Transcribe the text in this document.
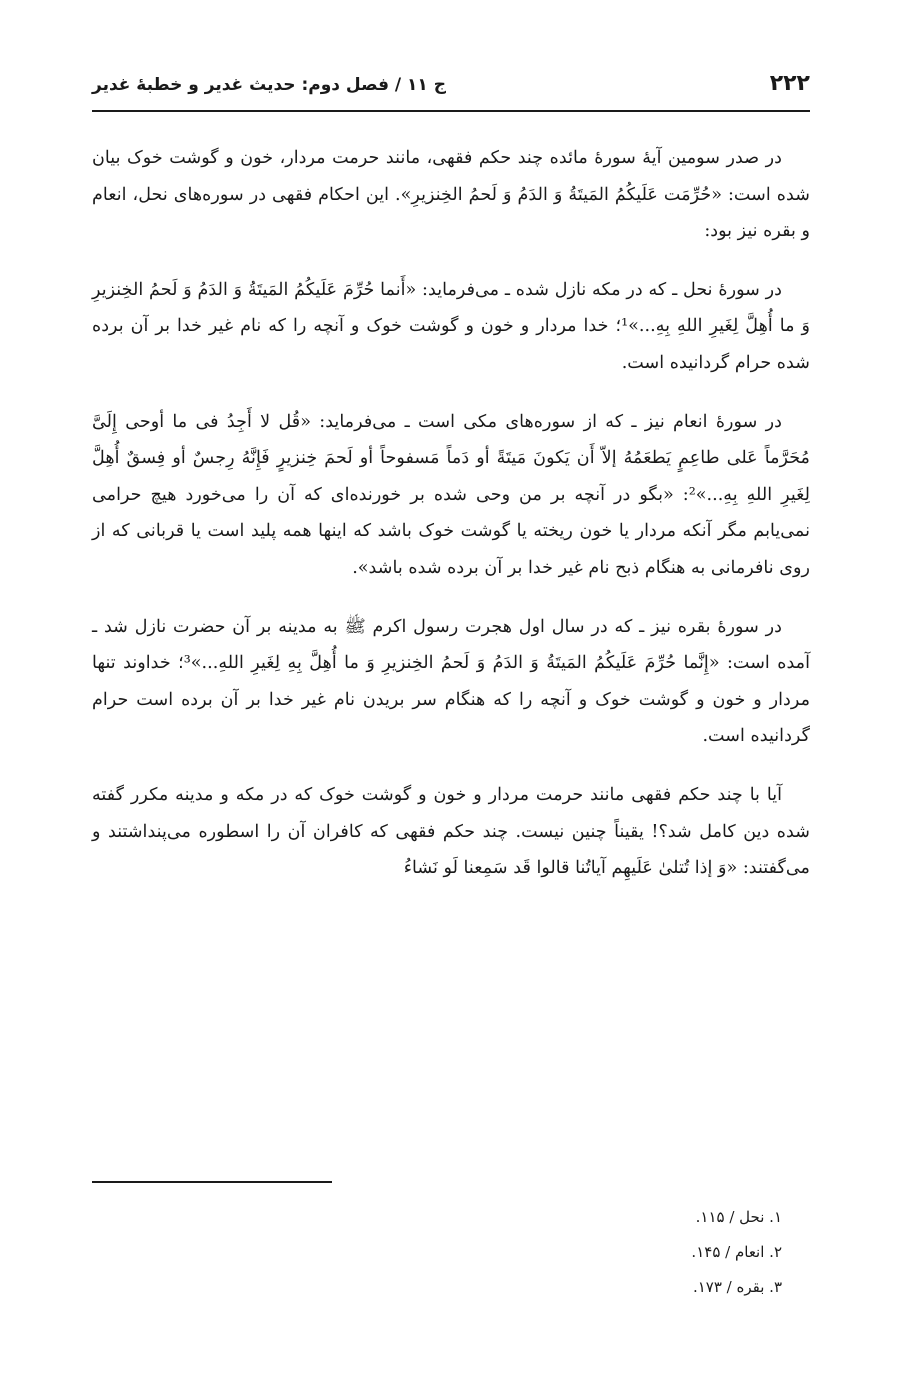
۲۲۲
ج ۱۱ / فصل دوم: حدیث غدیر و خطبهٔ غدیر

در صدر سومین آیهٔ سورهٔ مائده چند حکم فقهی، مانند حرمت مردار، خون و گوشت خوک بیان شده است: «حُرِّمَت عَلَیکُمُ المَیتَةُ وَ الدَمُ وَ لَحمُ الخِنزیرِ». این احکام فقهی در سوره‌های نحل، انعام و بقره نیز بود:

در سورهٔ نحل ـ که در مکه نازل شده ـ می‌فرماید: «أَنما حُرِّمَ عَلَیکُمُ المَیتَةُ وَ الدَمُ وَ لَحمُ الخِنزیرِ وَ ما أُهِلَّ لِغَیرِ اللهِ بِهِ...»¹؛ خدا مردار و خون و گوشت خوک و آنچه را که نام غیر خدا بر آن برده شده حرام گردانیده است.

در سورهٔ انعام نیز ـ که از سوره‌های مکی است ـ می‌فرماید: «قُل لا أَجِدُ فی ما أوحی إِلَیَّ مُحَرَّماً عَلی طاعِمٍ یَطعَمُهُ إلاّ أَن یَکونَ مَیتَةً أو دَماً مَسفوحاً أو لَحمَ خِنزیرٍ فَإِنَّهُ رِجسٌ أو فِسقٌ أُهِلَّ لِغَیرِ اللهِ بِهِ...»²: «بگو در آنچه بر من وحی شده بر خورنده‌ای که آن را می‌خورد هیچ حرامی نمی‌یابم مگر آنکه مردار یا خون ریخته یا گوشت خوک باشد که اینها همه پلید است یا قربانی که از روی نافرمانی به هنگام ذبح نام غیر خدا بر آن برده شده باشد».

در سورهٔ بقره نیز ـ که در سال اول هجرت رسول اکرم ﷺ به مدینه بر آن حضرت نازل شد ـ آمده است: «إِنَّما حُرِّمَ عَلَیکُمُ المَیتَةُ وَ الدَمُ وَ لَحمُ الخِنزیرِ وَ ما أُهِلَّ بِهِ لِغَیرِ اللهِ...»³؛ خداوند تنها مردار و خون و گوشت خوک و آنچه را که هنگام سر بریدن نام غیر خدا بر آن برده است حرام گردانیده است.

آیا با چند حکم فقهی مانند حرمت مردار و خون و گوشت خوک که در مکه و مدینه مکرر گفته شده دین کامل شد؟! یقیناً چنین نیست. چند حکم فقهی که کافران آن را اسطوره می‌پنداشتند و می‌گفتند: «وَ إذا تُتلیٰ عَلَیهِم آیاتُنا قالوا قَد سَمِعنا لَو نَشاءُ

۱. نحل / ۱۱۵.
۲. انعام / ۱۴۵.
۳. بقره / ۱۷۳.
